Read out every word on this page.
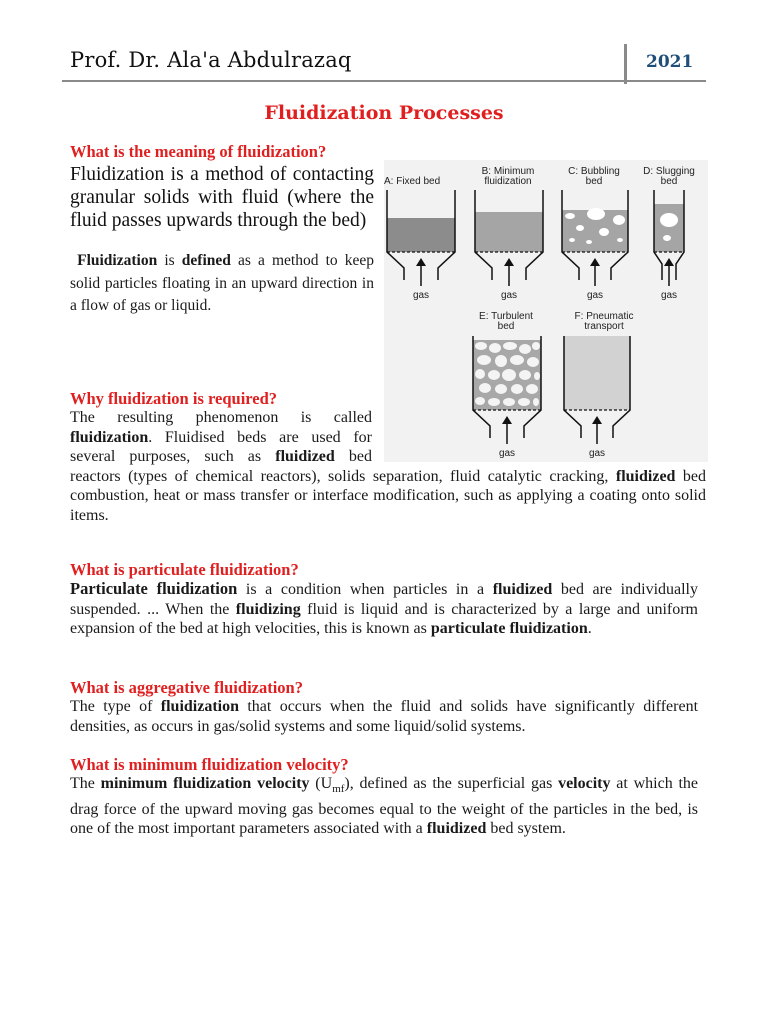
Prof. Dr. Ala'a Abdulrazaq	2021
Fluidization Processes
What is the meaning of fluidization?

Fluidization is a method of contacting granular solids with fluid (where the fluid passes upwards through the bed)

Fluidization is defined as a method to keep solid particles floating in an upward direction in a flow of gas or liquid.

A: Fixed bed
B: Minimum
fluidization
C: Bubbling
bed
D: Slugging
bed
gas	gas	gas	gas
E: Turbulent
bed
F: Pneumatic
transport
gas	gas
Why fluidization is required?

The resulting phenomenon is called fluidization. Fluidised beds are used for several purposes, such as fluidized bed reactors (types of chemical reactors), solids separation, fluid catalytic cracking, fluidized bed combustion, heat or mass transfer or interface modification, such as applying a coating onto solid items.

What is particulate fluidization?

Particulate fluidization is a condition when particles in a fluidized bed are individually suspended. ... When the fluidizing fluid is liquid and is characterized by a large and uniform expansion of the bed at high velocities, this is known as particulate fluidization.

What is aggregative fluidization?

The type of fluidization that occurs when the fluid and solids have significantly different densities, as occurs in gas/solid systems and some liquid/solid systems.

What is minimum fluidization velocity?

The minimum fluidization velocity $(U_{mf})$, defined as the superficial gas velocity at which the drag force of the upward moving gas becomes equal to the weight of the particles in the bed, is one of the most important parameters associated with a fluidized bed system.
